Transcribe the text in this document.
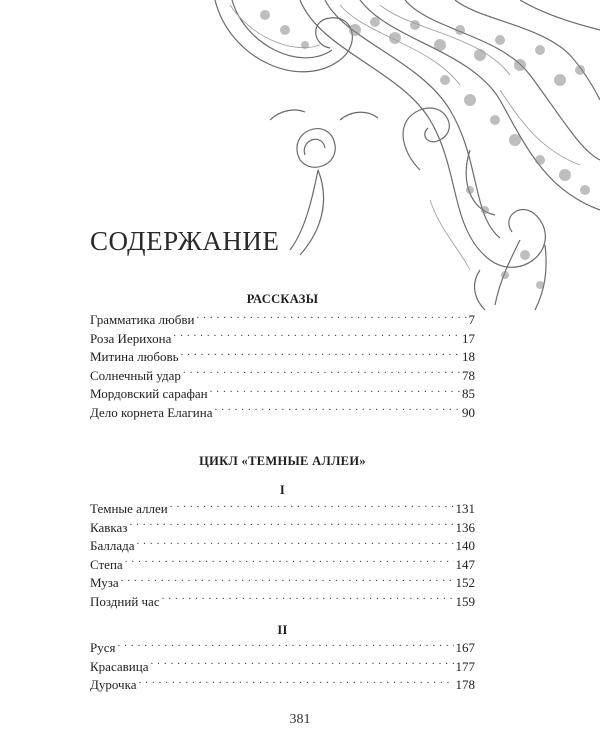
СОДЕРЖАНИЕ
РАССКАЗЫ
Грамматика любви . . .	7
Роза Иерихона . . .	17
Митина любовь . . .	18
Солнечный удар . . .	78
Мордовский сарафан . . .	85
Дело корнета Елагина . . .	90
ЦИКЛ «ТЕМНЫЕ АЛЛЕИ»
I
Темные аллеи . . .	131
Кавказ . . .	136
Баллада . . .	140
Степа . . .	147
Муза . . .	152
Поздний час . . .	159
II
Руся . . .	167
Красавица . . .	177
Дурочка . . .	178
381
